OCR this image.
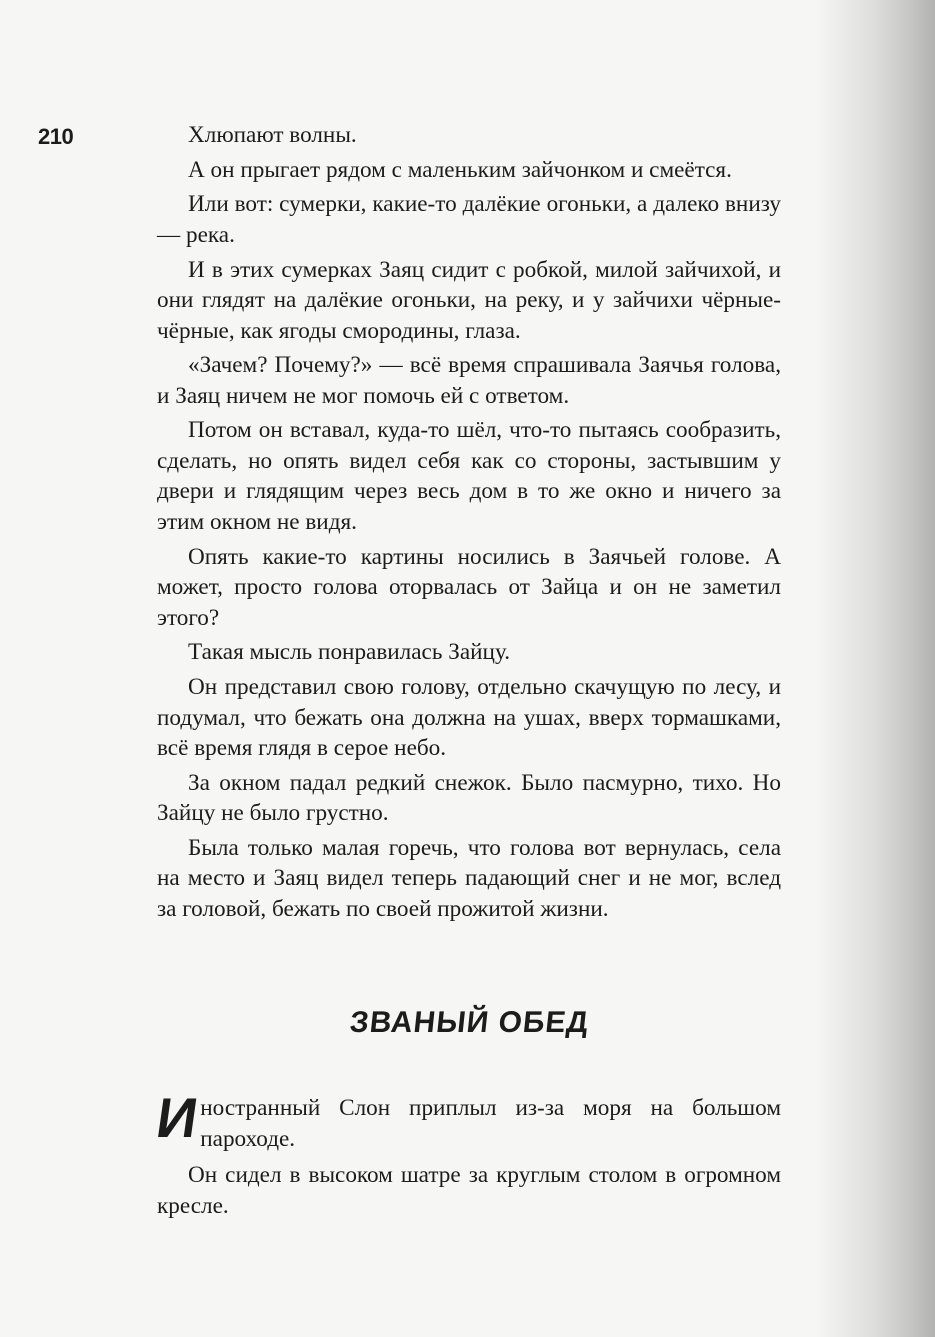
210	Хлюпают волны.

А он прыгает рядом с маленьким зайчонком и смеётся.

Или вот: сумерки, какие-то далёкие огоньки, а далеко внизу — река.

И в этих сумерках Заяц сидит с робкой, милой зайчихой, и они глядят на далёкие огоньки, на реку, и у зайчихи чёрные-чёрные, как ягоды смородины, глаза.

«Зачем? Почему?» — всё время спрашивала Заячья голова, и Заяц ничем не мог помочь ей с ответом.

Потом он вставал, куда-то шёл, что-то пытаясь сообразить, сделать, но опять видел себя как со стороны, застывшим у двери и глядящим через весь дом в то же окно и ничего за этим окном не видя.

Опять какие-то картины носились в Заячьей голове. А может, просто голова оторвалась от Зайца и он не заметил этого?

Такая мысль понравилась Зайцу.

Он представил свою голову, отдельно скачущую по лесу, и подумал, что бежать она должна на ушах, вверх тормашками, всё время глядя в серое небо.

За окном падал редкий снежок. Было пасмурно, тихо. Но Зайцу не было грустно.

Была только малая горечь, что голова вот вернулась, села на место и Заяц видел теперь падающий снег и не мог, вслед за головой, бежать по своей прожитой жизни.

ЗВАНЫЙ ОБЕД

И
ностранный Слон приплыл из-за моря на большом пароходе.

Он сидел в высоком шатре за круглым столом в огромном кресле.
